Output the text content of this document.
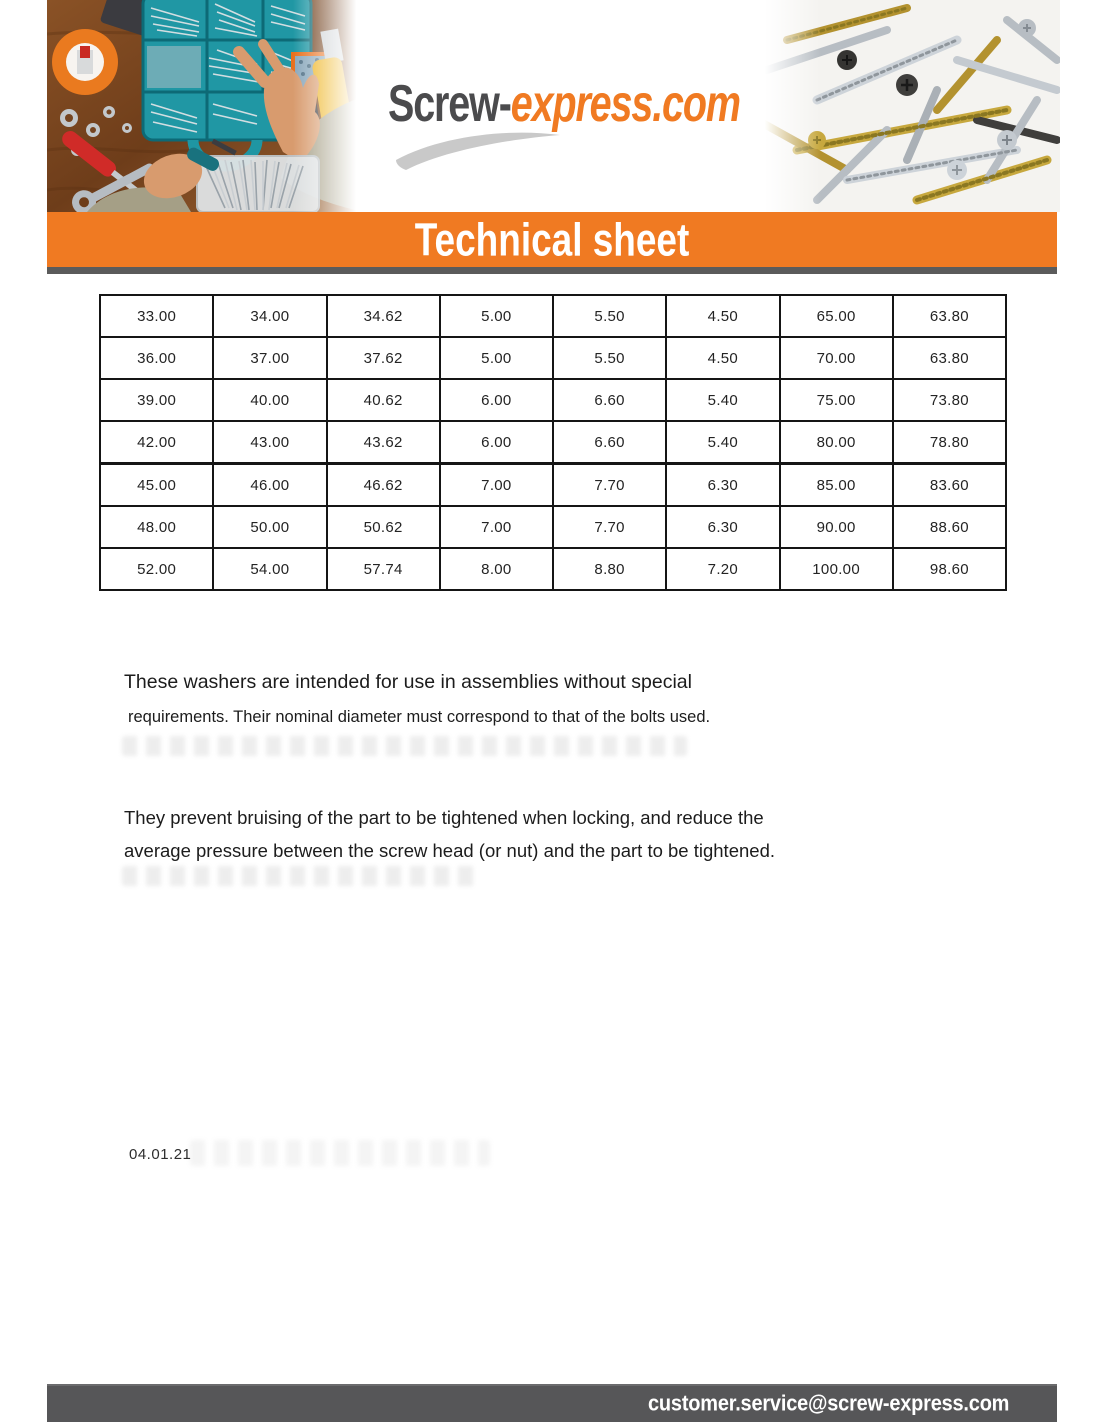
Screw-express.com
Technical sheet
33.00	34.00	34.62	5.00	5.50	4.50	65.00	63.80
36.00	37.00	37.62	5.00	5.50	4.50	70.00	63.80
39.00	40.00	40.62	6.00	6.60	5.40	75.00	73.80
42.00	43.00	43.62	6.00	6.60	5.40	80.00	78.80
45.00	46.00	46.62	7.00	7.70	6.30	85.00	83.60
48.00	50.00	50.62	7.00	7.70	6.30	90.00	88.60
52.00	54.00	57.74	8.00	8.80	7.20	100.00	98.60
These washers are intended for use in assemblies without special
requirements. Their nominal diameter must correspond to that of the bolts used.
They prevent bruising of the part to be tightened when locking, and reduce the
average pressure between the screw head (or nut) and the part to be tightened.
04.01.21
customer.service@screw-express.com
